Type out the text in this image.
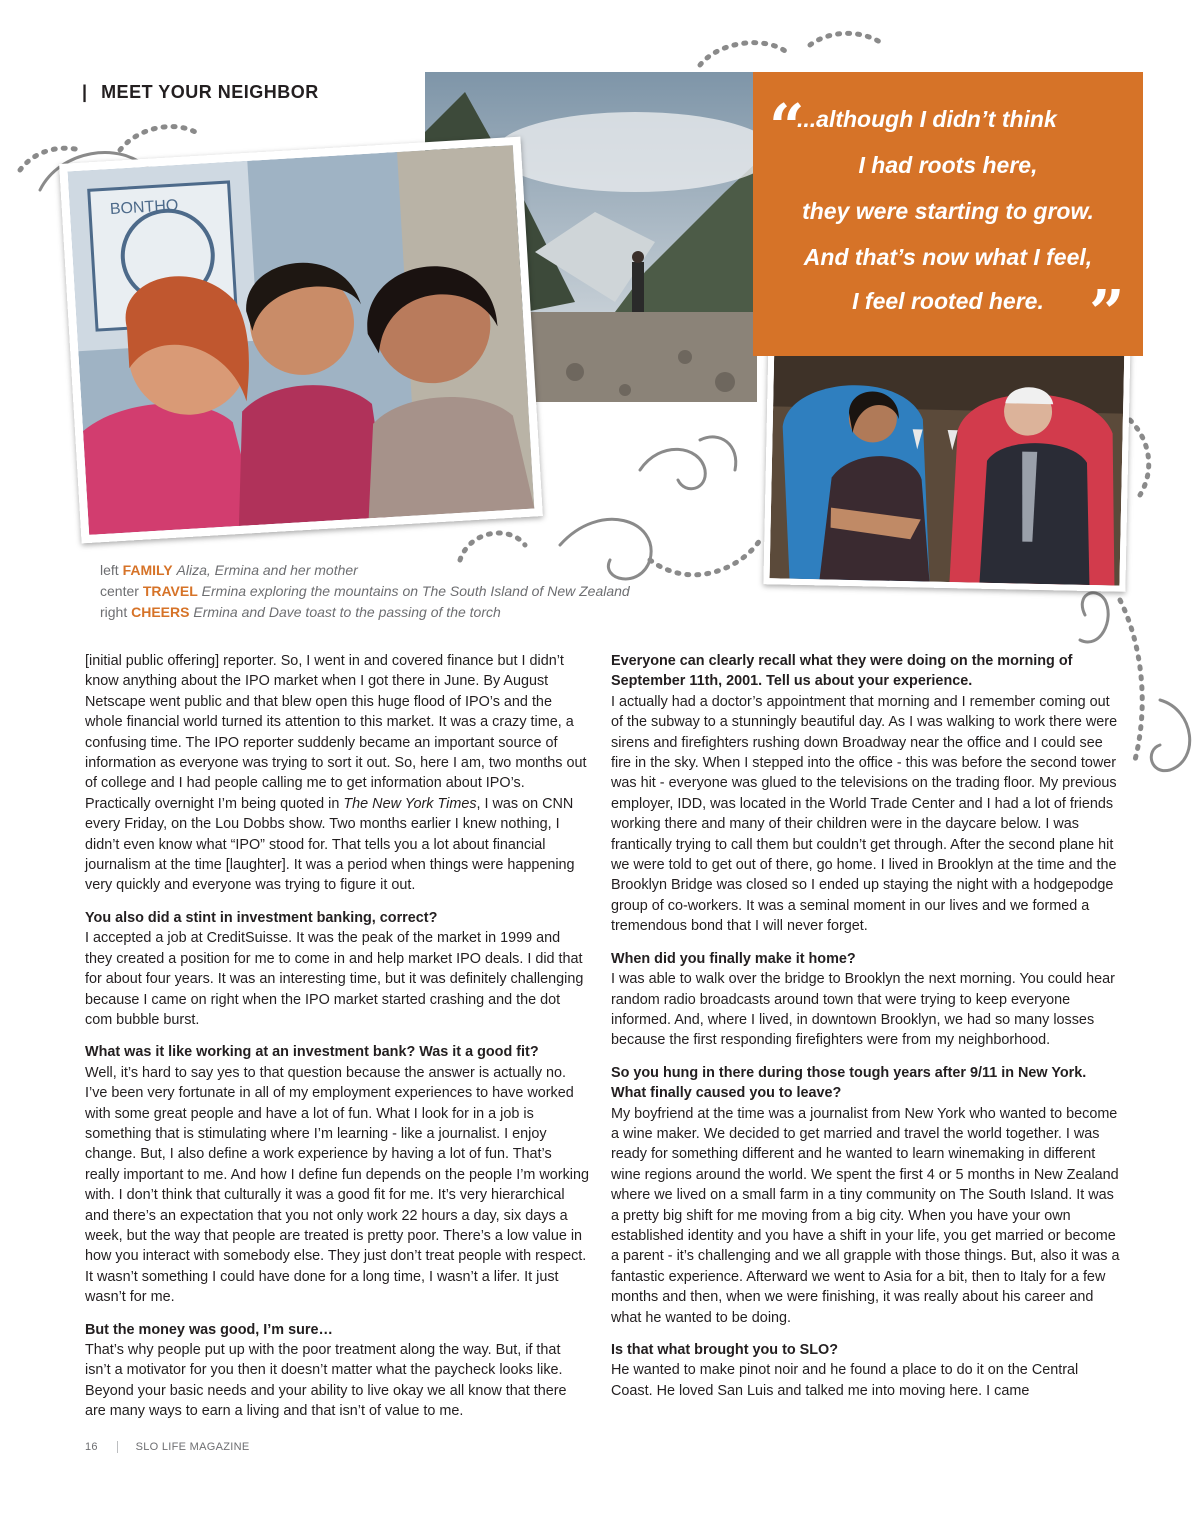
| MEET YOUR NEIGHBOR
BONTHO
“
...although I didn’t think
I had roots here,
they were starting to grow.
And that’s now what I feel,
I feel rooted here. ”
left FAMILY Aliza, Ermina and her mother
center TRAVEL Ermina exploring the mountains on The South Island of New Zealand
right CHEERS Ermina and Dave toast to the passing of the torch

[initial public offering] reporter. So, I went in and covered finance but I didn’t know anything about the IPO market when I got there in June. By August Netscape went public and that blew open this huge flood of IPO’s and the whole financial world turned its attention to this market. It was a crazy time, a confusing time. The IPO reporter suddenly became an important source of information as everyone was trying to sort it out. So, here I am, two months out of college and I had people calling me to get information about IPO’s. Practically overnight I’m being quoted in The New York Times, I was on CNN every Friday, on the Lou Dobbs show. Two months earlier I knew nothing, I didn’t even know what “IPO” stood for. That tells you a lot about financial journalism at the time [laughter]. It was a period when things were happening very quickly and everyone was trying to figure it out.

You also did a stint in investment banking, correct?

I accepted a job at CreditSuisse. It was the peak of the market in 1999 and they created a position for me to come in and help market IPO deals. I did that for about four years. It was an interesting time, but it was definitely challenging because I came on right when the IPO market started crashing and the dot com bubble burst.

What was it like working at an investment bank? Was it a good fit?

Well, it’s hard to say yes to that question because the answer is actually no. I’ve been very fortunate in all of my employment experiences to have worked with some great people and have a lot of fun. What I look for in a job is something that is stimulating where I’m learning - like a journalist. I enjoy change. But, I also define a work experience by having a lot of fun. That’s really important to me. And how I define fun depends on the people I’m working with. I don’t think that culturally it was a good fit for me. It’s very hierarchical and there’s an expectation that you not only work 22 hours a day, six days a week, but the way that people are treated is pretty poor. There’s a low value in how you interact with somebody else. They just don’t treat people with respect. It wasn’t something I could have done for a long time, I wasn’t a lifer. It just wasn’t for me.

But the money was good, I’m sure…

That’s why people put up with the poor treatment along the way. But, if that isn’t a motivator for you then it doesn’t matter what the paycheck looks like. Beyond your basic needs and your ability to live okay we all know that there are many ways to earn a living and that isn’t of value to me.

Everyone can clearly recall what they were doing on the morning of September 11th, 2001. Tell us about your experience.

I actually had a doctor’s appointment that morning and I remember coming out of the subway to a stunningly beautiful day. As I was walking to work there were sirens and firefighters rushing down Broadway near the office and I could see fire in the sky. When I stepped into the office - this was before the second tower was hit - everyone was glued to the televisions on the trading floor. My previous employer, IDD, was located in the World Trade Center and I had a lot of friends working there and many of their children were in the daycare below. I was frantically trying to call them but couldn’t get through. After the second plane hit we were told to get out of there, go home. I lived in Brooklyn at the time and the Brooklyn Bridge was closed so I ended up staying the night with a hodgepodge group of co-workers. It was a seminal moment in our lives and we formed a tremendous bond that I will never forget.

When did you finally make it home?

I was able to walk over the bridge to Brooklyn the next morning. You could hear random radio broadcasts around town that were trying to keep everyone informed. And, where I lived, in downtown Brooklyn, we had so many losses because the first responding firefighters were from my neighborhood.

So you hung in there during those tough years after 9/11 in New York. What finally caused you to leave?

My boyfriend at the time was a journalist from New York who wanted to become a wine maker. We decided to get married and travel the world together. I was ready for something different and he wanted to learn winemaking in different wine regions around the world. We spent the first 4 or 5 months in New Zealand where we lived on a small farm in a tiny community on The South Island. It was a pretty big shift for me moving from a big city. When you have your own established identity and you have a shift in your life, you get married or become a parent - it’s challenging and we all grapple with those things. But, also it was a fantastic experience. Afterward we went to Asia for a bit, then to Italy for a few months and then, when we were finishing, it was really about his career and what he wanted to be doing.

Is that what brought you to SLO?

He wanted to make pinot noir and he found a place to do it on the Central Coast. He loved San Luis and talked me into moving here. I came

16	SLO LIFE MAGAZINE
